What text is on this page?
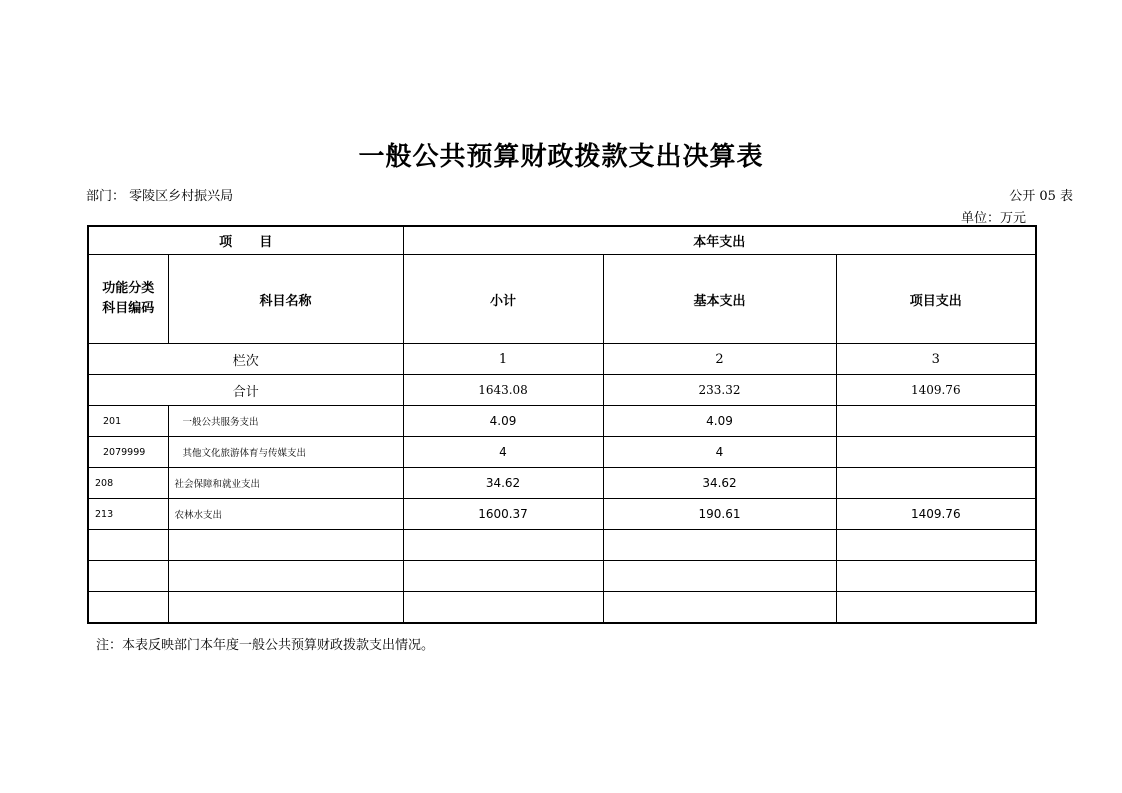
一般公共预算财政拨款支出决算表
部门： 零陵区乡村振兴局	公开 05 表
单位：万元
项      目		本年支出		
功能分类
科目编码	科目名称	小计	基本支出	项目支出
栏次		1	2	3
合计		1643.08	233.32	1409.76
201	一般公共服务支出	4.09	4.09	
2079999	其他文化旅游体育与传媒支出	4	4	
208	社会保障和就业支出	34.62	34.62	
213	农林水支出	1600.37	190.61	1409.76

注：本表反映部门本年度一般公共预算财政拨款支出情况。
